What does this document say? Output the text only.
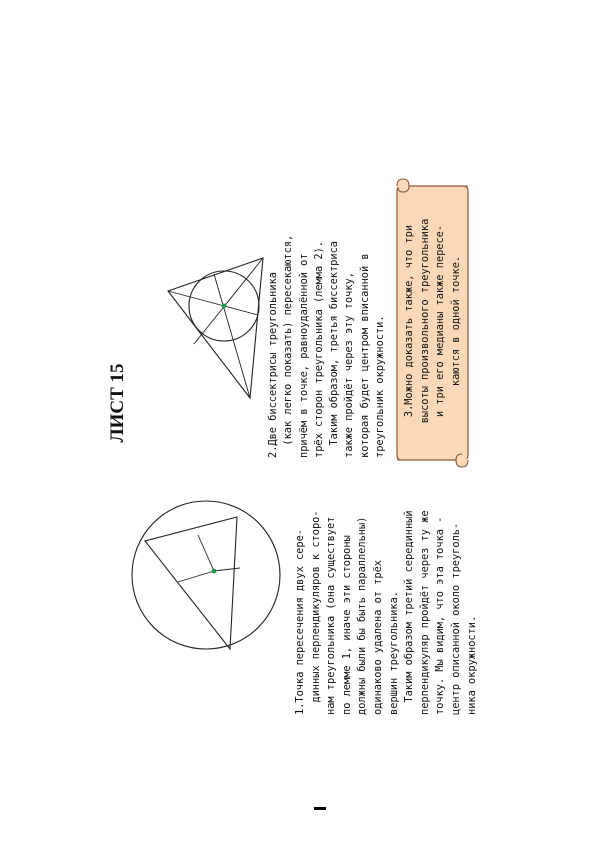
ЛИСТ 15
1.Точка пересечения двух сере- динных перпендикуляров к сторо- нам треугольника (она существует по лемме 1, иначе эти стороны должны были бы быть параллельны) одинаково удалена от трёх вершин треугольника. Таким образом третий серединный перпендикуляр пройдёт через ту же точку. Мы видим, что эта точка - центр описанной около треуголь- ника окружности.
2.Две биссектрисы треугольника (как легко показать) пересекаются, причём в точке, равноудалённой от трёх сторон треугольника (лемма 2). Таким образом, третья биссектриса также пройдёт через эту точку, которая будет центром вписанной в треугольник окружности. 3.Можно доказать также, что три высоты произвольного треугольника и три его медианы также пересе- каются в одной точке.
